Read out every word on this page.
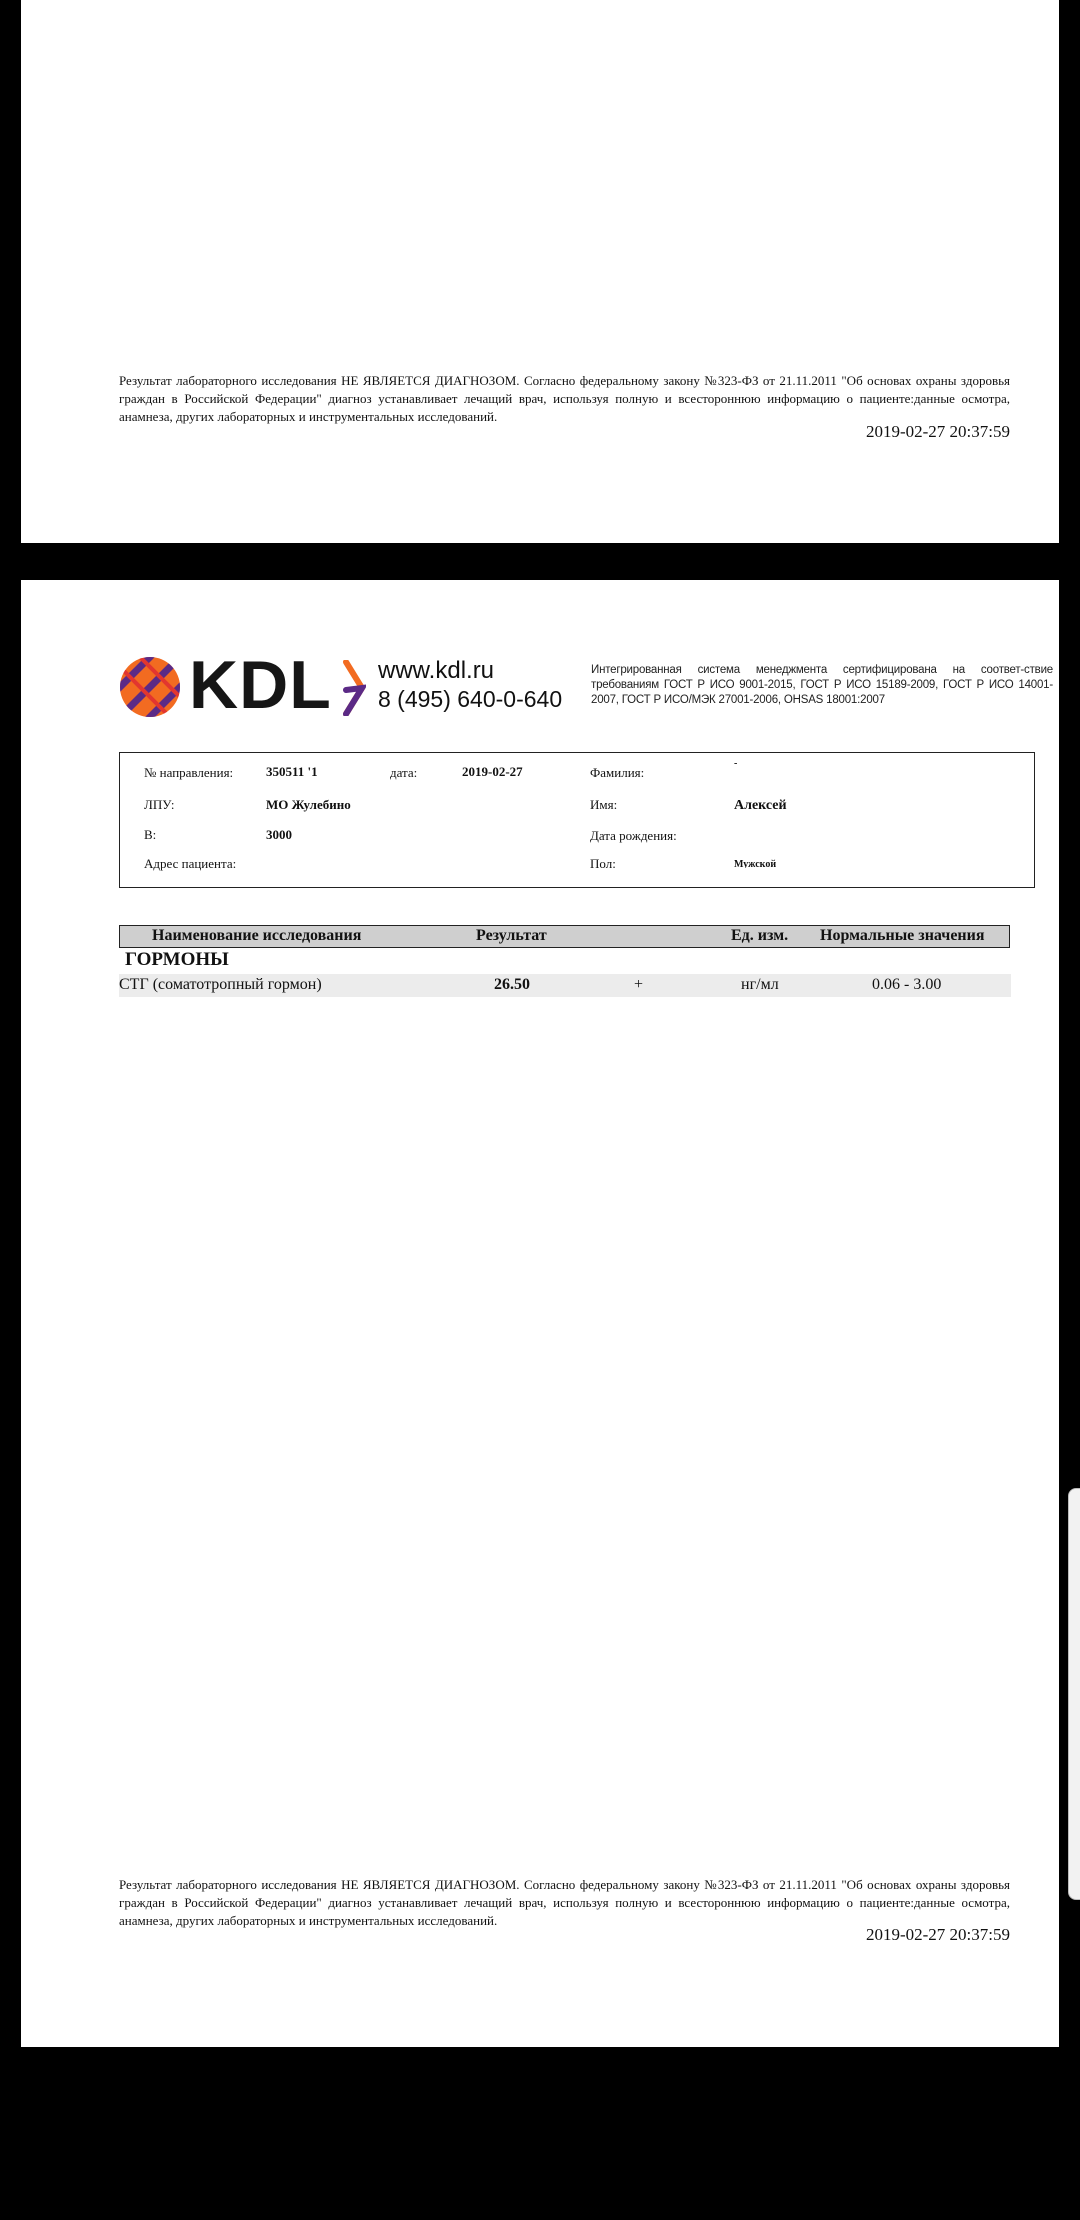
Результат лабораторного исследования НЕ ЯВЛЯЕТСЯ ДИАГНОЗОМ. Согласно федеральному закону №323-ФЗ от 21.11.2011 "Об основах охраны здоровья граждан в Российской Федерации" диагноз устанавливает лечащий врач, используя полную и всестороннюю информацию о пациенте:данные осмотра, анамнеза, других лабораторных и инструментальных исследований.
2019-02-27 20:37:59
KDL www.kdl.ru
8 (495) 640-0-640
Интегрированная система менеджмента сертифицирована на соответ-ствие требованиям ГОСТ Р ИСО 9001-2015, ГОСТ Р ИСО 15189-2009, ГОСТ Р ИСО 14001-2007, ГОСТ Р ИСО/МЭК 27001-2006, OHSAS 18001:2007
№ направления:	350511 '1	дата:	2019-02-27	Фамилия:
-
ЛПУ:	МО Жулебино	Имя:	Алексей
В:	3000	Дата рождения:
Адрес пациента:	Пол:	Мужской
Наименование исследования	Результат	Ед. изм. Нормальные значения
ГОРМОНЫ
СТГ (соматотропный гормон)	26.50	+	нг/мл	0.06 - 3.00
Результат лабораторного исследования НЕ ЯВЛЯЕТСЯ ДИАГНОЗОМ. Согласно федеральному закону №323-ФЗ от 21.11.2011 "Об основах охраны здоровья граждан в Российской Федерации" диагноз устанавливает лечащий врач, используя полную и всестороннюю информацию о пациенте:данные осмотра, анамнеза, других лабораторных и инструментальных исследований.
2019-02-27 20:37:59
